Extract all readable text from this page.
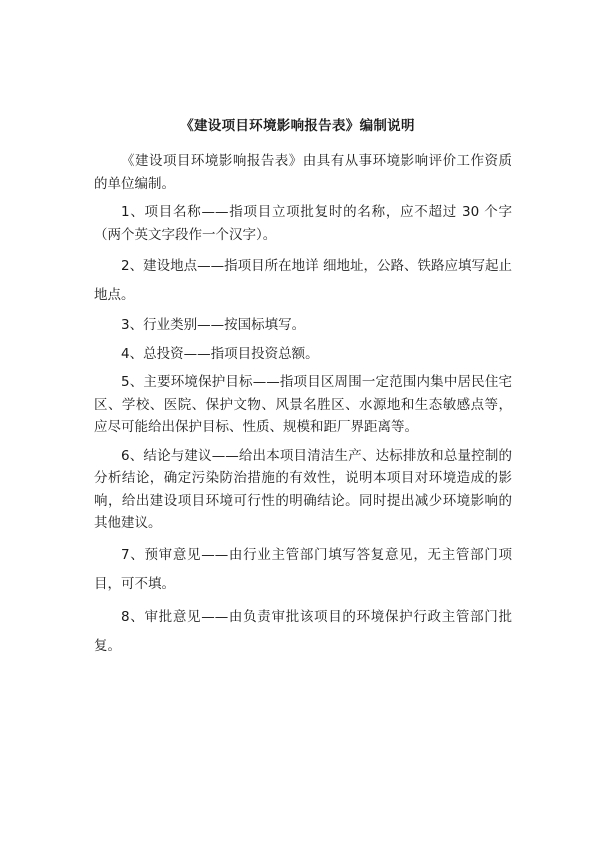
《建设项目环境影响报告表》编制说明

《建设项目环境影响报告表》由具有从事环境影响评价工作资质的单位编制。

1、项目名称——指项目立项批复时的名称，应不超过 30 个字（两个英文字段作一个汉字）。

2、建设地点——指项目所在地详 细地址，公路、铁路应填写起止地点。

3、行业类别——按国标填写。

4、总投资——指项目投资总额。

5、主要环境保护目标——指项目区周围一定范围内集中居民住宅区、学校、医院、保护文物、风景名胜区、水源地和生态敏感点等，应尽可能给出保护目标、性质、规模和距厂界距离等。

6、结论与建议——给出本项目清洁生产、达标排放和总量控制的分析结论，确定污染防治措施的有效性，说明本项目对环境造成的影响，给出建设项目环境可行性的明确结论。同时提出减少环境影响的其他建议。

7、预审意见——由行业主管部门填写答复意见，无主管部门项目，可不填。

8、审批意见——由负责审批该项目的环境保护行政主管部门批复。
